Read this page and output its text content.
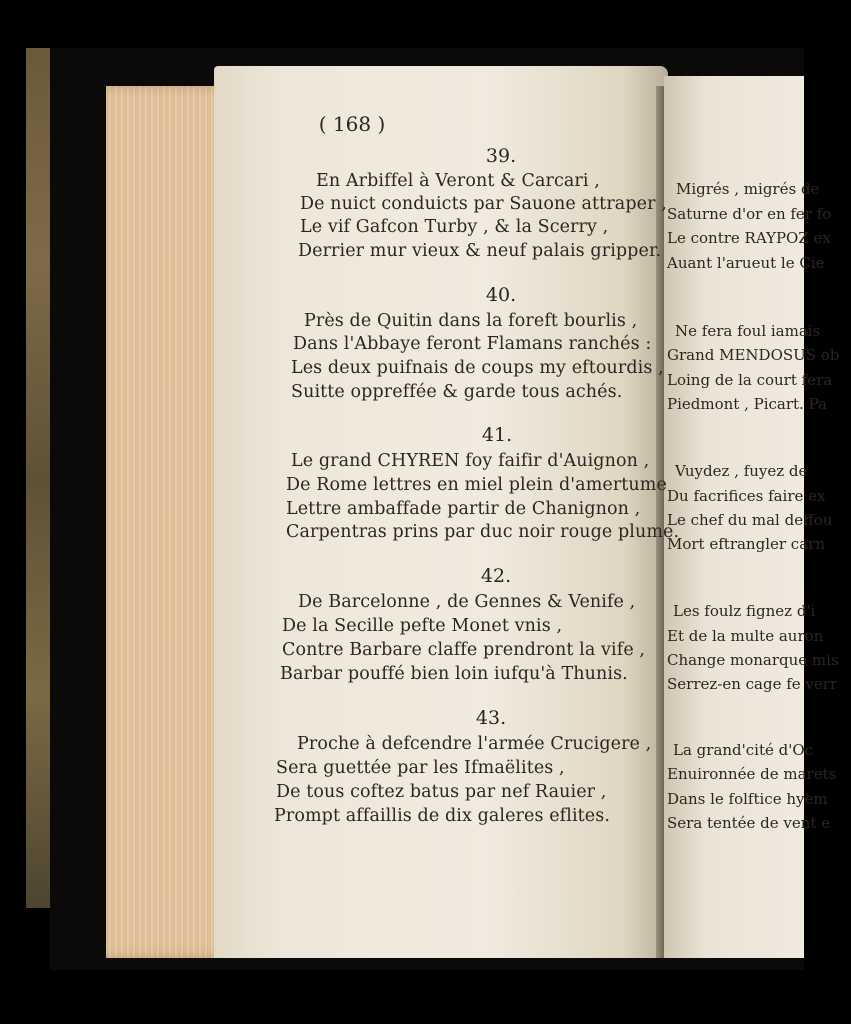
( 168 )
39.
En Arbiffel à Veront & Carcari ,
De nuict conduicts par Sauone attraper ,
Le vif Gafcon Turby , & la Scerry ,
Derrier mur vieux & neuf palais gripper.
40.
Près de Quitin dans la foreft bourlis ,
Dans l'Abbaye feront Flamans ranchés :
Les deux puifnais de coups my eftourdis ,
Suitte oppreffée & garde tous achés.
41.
Le grand CHYREN foy faifir d'Auignon ,
De Rome lettres en miel plein d'amertume
Lettre ambaffade partir de Chanignon ,
Carpentras prins par duc noir rouge plume.
42.
De Barcelonne , de Gennes & Venife ,
De la Secille pefte Monet vnis ,
Contre Barbare claffe prendront la vife ,
Barbar pouffé bien loin iufqu'à Thunis.
43.
Proche à defcendre l'armée Crucigere ,
Sera guettée par les Ifmaëlites ,
De tous coftez batus par nef Rauier ,
Prompt affaillis de dix galeres eflites.
Migrés , migrés de
Saturne d'or en fer fo
Le contre RAYPOZ ex
Auant l'arueut le Cie
Ne fera foul iamais
Grand MENDOSUS ob
Loing de la court fera
Piedmont , Picart. Pa
Vuydez , fuyez de
Du facrifices faire ex
Le chef du mal deffou
Mort eftrangler carn
Les foulz fignez d'i
Et de la multe auron
Change monarque mis
Serrez-en cage fe verr
La grand'cité d'Oc
Enuironnée de marets
Dans le folftice hyem
Sera tentée de vent e
